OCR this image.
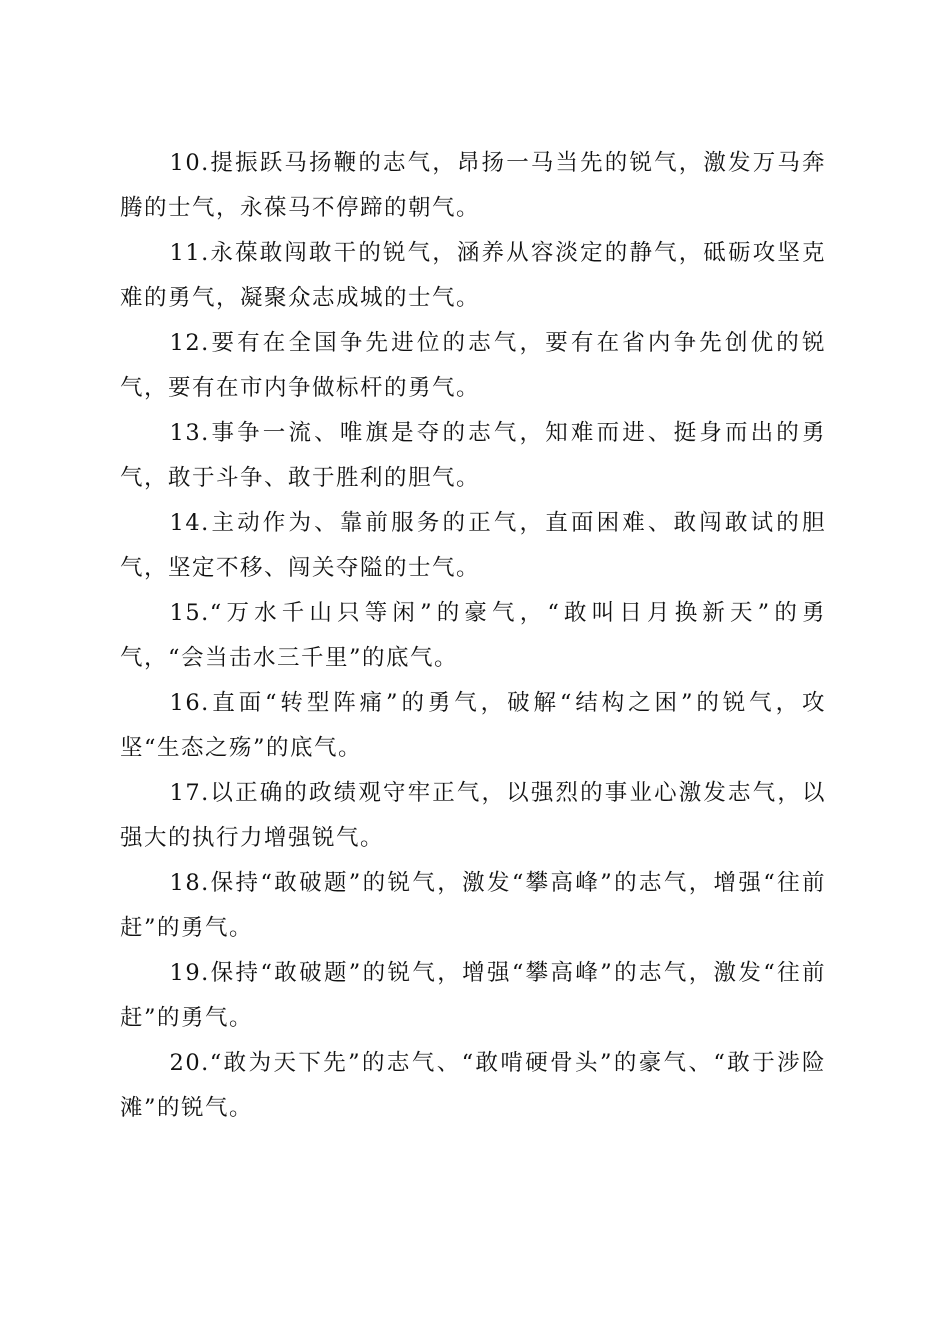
10.提振跃马扬鞭的志气，昂扬一马当先的锐气，激发万马奔腾的士气，永葆马不停蹄的朝气。

11.永葆敢闯敢干的锐气，涵养从容淡定的静气，砥砺攻坚克难的勇气，凝聚众志成城的士气。

12.要有在全国争先进位的志气，要有在省内争先创优的锐气，要有在市内争做标杆的勇气。

13.事争一流、唯旗是夺的志气，知难而进、挺身而出的勇气，敢于斗争、敢于胜利的胆气。

14.主动作为、靠前服务的正气，直面困难、敢闯敢试的胆气，坚定不移、闯关夺隘的士气。

15.“万水千山只等闲”的豪气，“敢叫日月换新天”的勇气，“会当击水三千里”的底气。

16.直面“转型阵痛”的勇气，破解“结构之困”的锐气，攻坚“生态之殇”的底气。

17.以正确的政绩观守牢正气，以强烈的事业心激发志气，以强大的执行力增强锐气。

18.保持“敢破题”的锐气，激发“攀高峰”的志气，增强“往前赶”的勇气。

19.保持“敢破题”的锐气，增强“攀高峰”的志气，激发“往前赶”的勇气。

20.“敢为天下先”的志气、“敢啃硬骨头”的豪气、“敢于涉险滩”的锐气。
